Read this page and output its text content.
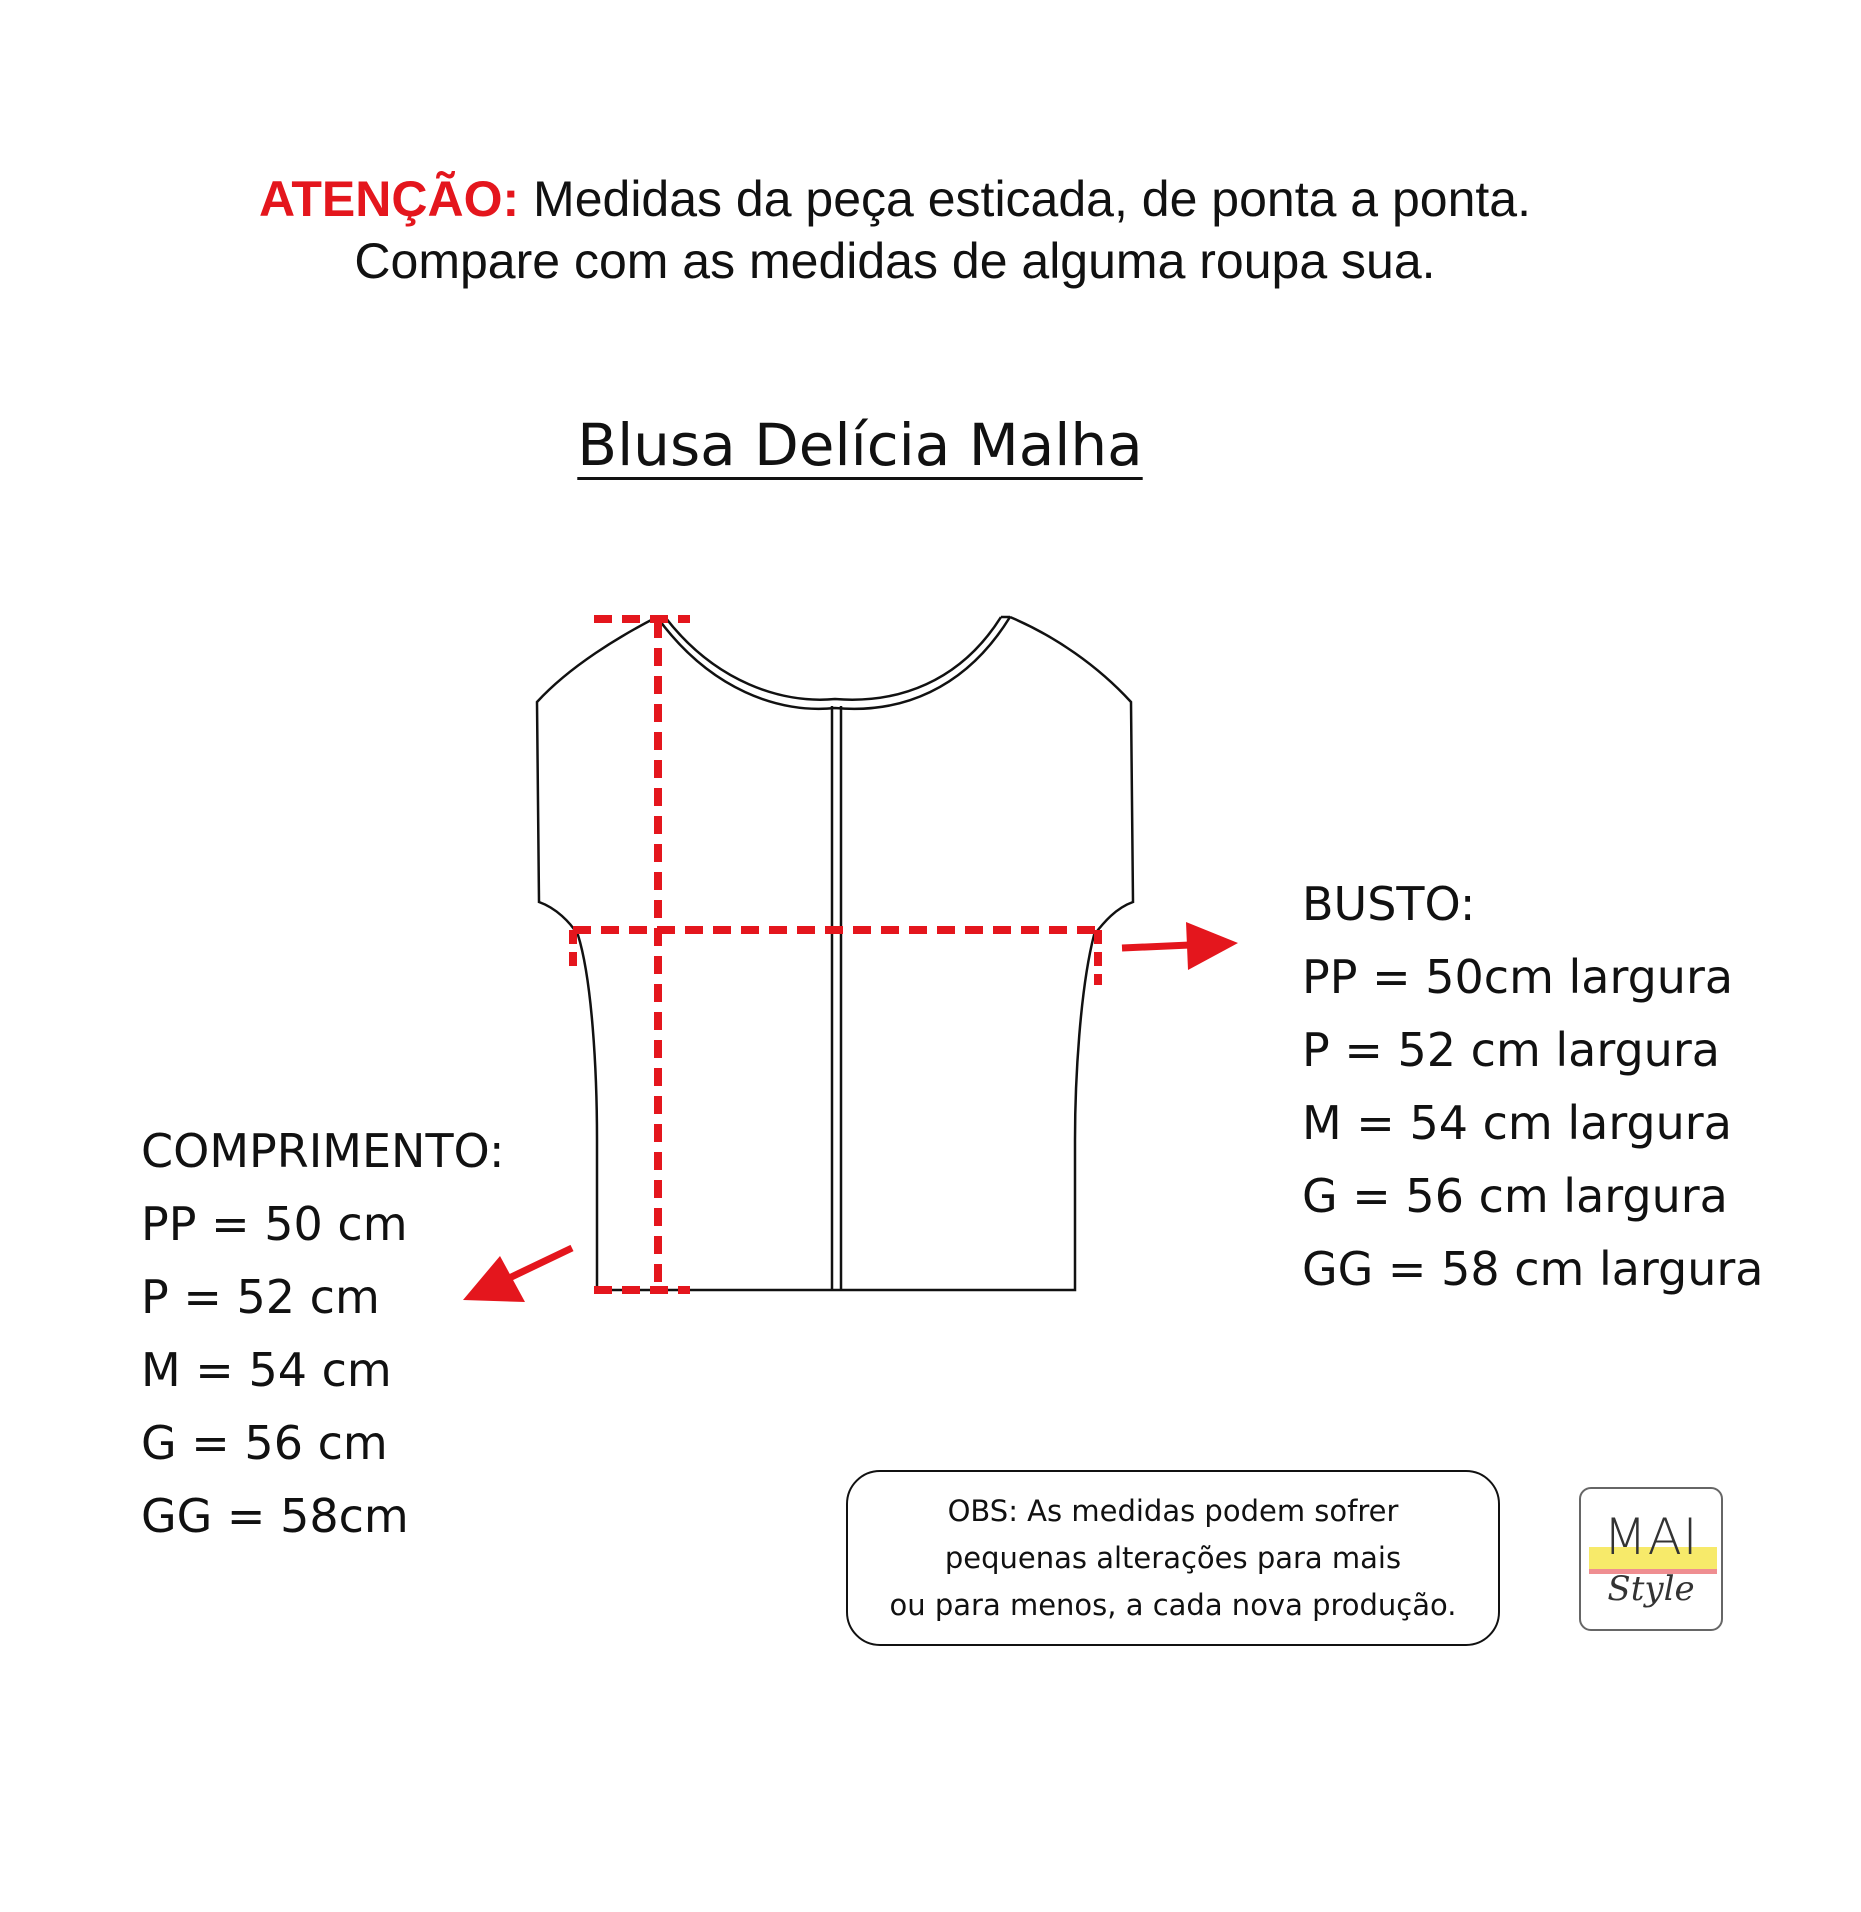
ATENÇÃO: Medidas da peça esticada, de ponta a ponta.
Compare com as medidas de alguma roupa sua.
Blusa Delícia Malha
COMPRIMENTO:
PP = 50 cm
P = 52 cm
M = 54 cm
G = 56 cm
GG = 58cm
BUSTO:
PP = 50cm largura
P = 52 cm largura
M = 54 cm largura
G = 56 cm largura
GG = 58 cm largura
OBS: As medidas podem sofrer
pequenas alterações para mais
ou para menos, a cada nova produção.
MAI
Style
